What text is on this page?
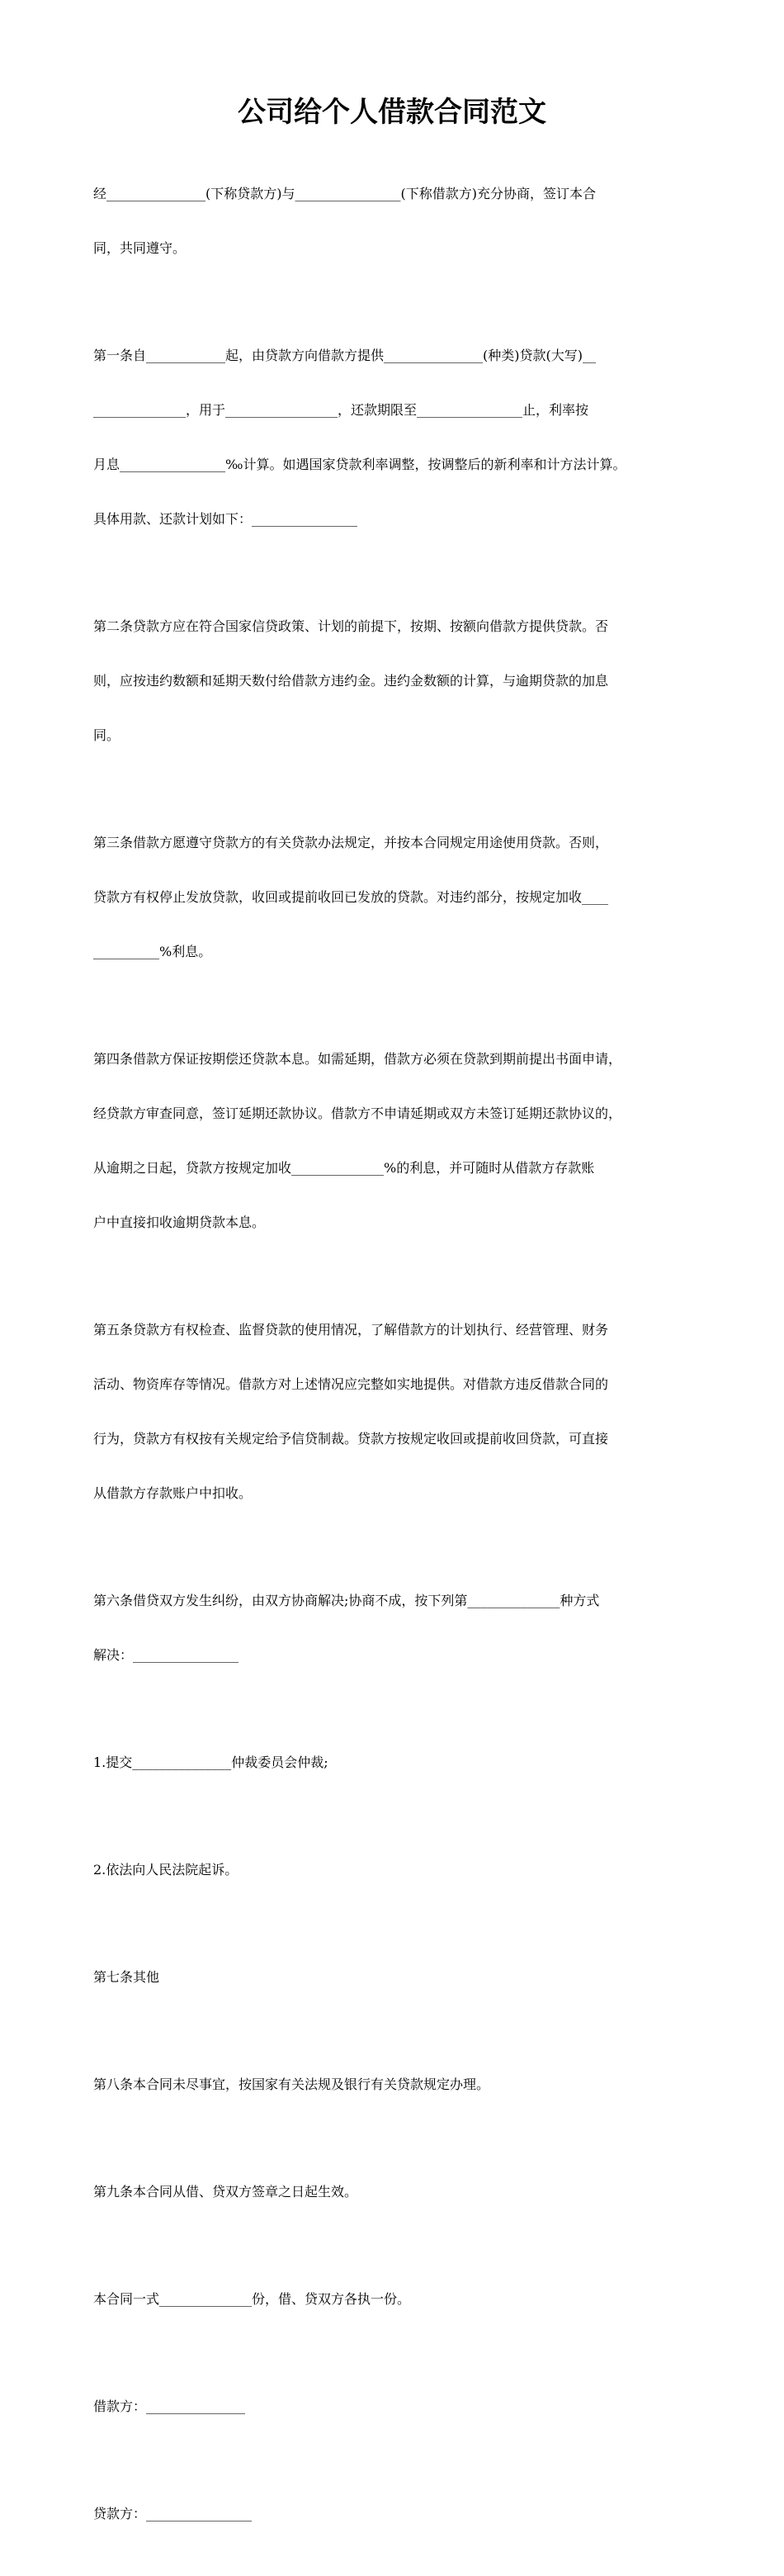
公司给个人借款合同范文

经_______________(下称贷款方)与________________(下称借款方)充分协商，签订本合

同，共同遵守。

第一条自____________起，由贷款方向借款方提供_______________(种类)贷款(大写)__

______________，用于_________________，还款期限至________________止，利率按

月息________________‰计算。如遇国家贷款利率调整，按调整后的新利率和计方法计算。

具体用款、还款计划如下：________________

第二条贷款方应在符合国家信贷政策、计划的前提下，按期、按额向借款方提供贷款。否

则，应按违约数额和延期天数付给借款方违约金。违约金数额的计算，与逾期贷款的加息

同。

第三条借款方愿遵守贷款方的有关贷款办法规定，并按本合同规定用途使用贷款。否则，

贷款方有权停止发放贷款，收回或提前收回已发放的贷款。对违约部分，按规定加收____

__________%利息。

第四条借款方保证按期偿还贷款本息。如需延期，借款方必须在贷款到期前提出书面申请，

经贷款方审查同意，签订延期还款协议。借款方不申请延期或双方未签订延期还款协议的，

从逾期之日起，贷款方按规定加收______________%的利息，并可随时从借款方存款账

户中直接扣收逾期贷款本息。

第五条贷款方有权检查、监督贷款的使用情况，了解借款方的计划执行、经营管理、财务

活动、物资库存等情况。借款方对上述情况应完整如实地提供。对借款方违反借款合同的

行为，贷款方有权按有关规定给予信贷制裁。贷款方按规定收回或提前收回贷款，可直接

从借款方存款账户中扣收。

第六条借贷双方发生纠纷，由双方协商解决;协商不成，按下列第______________种方式

解决：________________

1.提交_______________仲裁委员会仲裁;

2.依法向人民法院起诉。

第七条其他

第八条本合同未尽事宜，按国家有关法规及银行有关贷款规定办理。

第九条本合同从借、贷双方签章之日起生效。

本合同一式______________份，借、贷双方各执一份。

借款方：_______________

贷款方：________________
